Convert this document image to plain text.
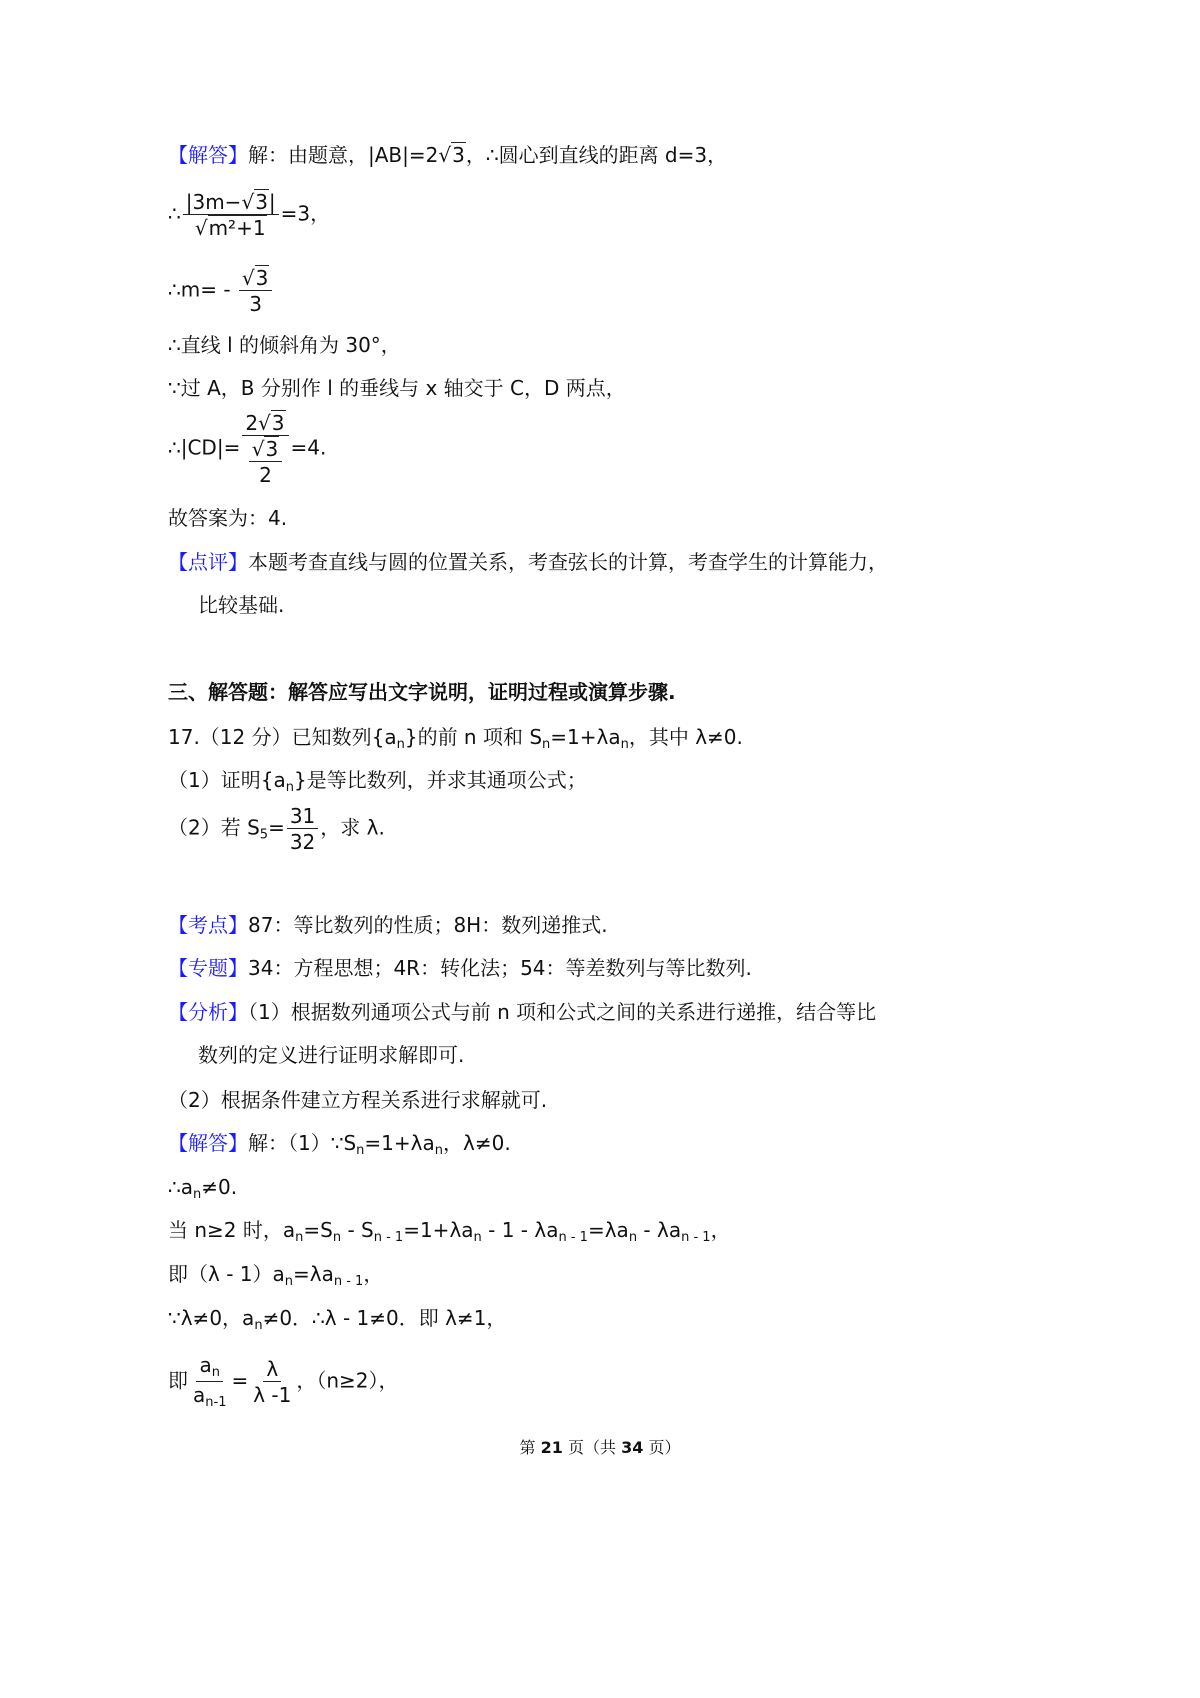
【解答】解：由题意，|AB|=2√3，∴圆心到直线的距离 d=3，
∴ $\frac{|3m-√3|}{\text{√m²+1}} =3$，
∴m= - $\frac{√3}{3}$
∴直线 l 的倾斜角为 30°，
∵过 A，B 分别作 l 的垂线与 x 轴交于 C，D 两点，
∴|CD|= $\frac{2√3}{\frac{√3}{2}} =4$.
故答案为：4.
【点评】本题考查直线与圆的位置关系，考查弦长的计算，考查学生的计算能力，
比较基础.
三、解答题：解答应写出文字说明，证明过程或演算步骤.
17.（12 分）已知数列$\{a_n\}$的前 n 项和 $S_n=1+\lambda a_n$，其中 λ≠0.
（1）证明$\{a_n\}$是等比数列，并求其通项公式；
（2）若 $S_5= \frac{31}{32}$ ，求 λ.
【考点】87：等比数列的性质；8H：数列递推式.
【专题】34：方程思想；4R：转化法；54：等差数列与等比数列.
【分析】（1）根据数列通项公式与前 n 项和公式之间的关系进行递推，结合等比
数列的定义进行证明求解即可.
（2）根据条件建立方程关系进行求解就可.
【解答】解：$(1)\because S_n=1+\lambda a_n$，λ≠0.
$\therefore a_n\ne 0$.
当 n≥2 时，$a_n=S_n - S_{n - 1}=1+\lambda a_n - 1 - \lambda a_{n - 1}=\lambda a_n - \lambda a_{n - 1}$，
即$(\lambda - 1)a_n=\lambda a_{n - 1}$，
∵λ≠0，$a_n\ne 0$．∴λ - 1≠0．即 λ≠1，
即 $\frac{a_n}{a_{n-1}} = \frac{\lambda}{\lambda -1}$ ，（n≥2），
第 21 页（共 34 页）
